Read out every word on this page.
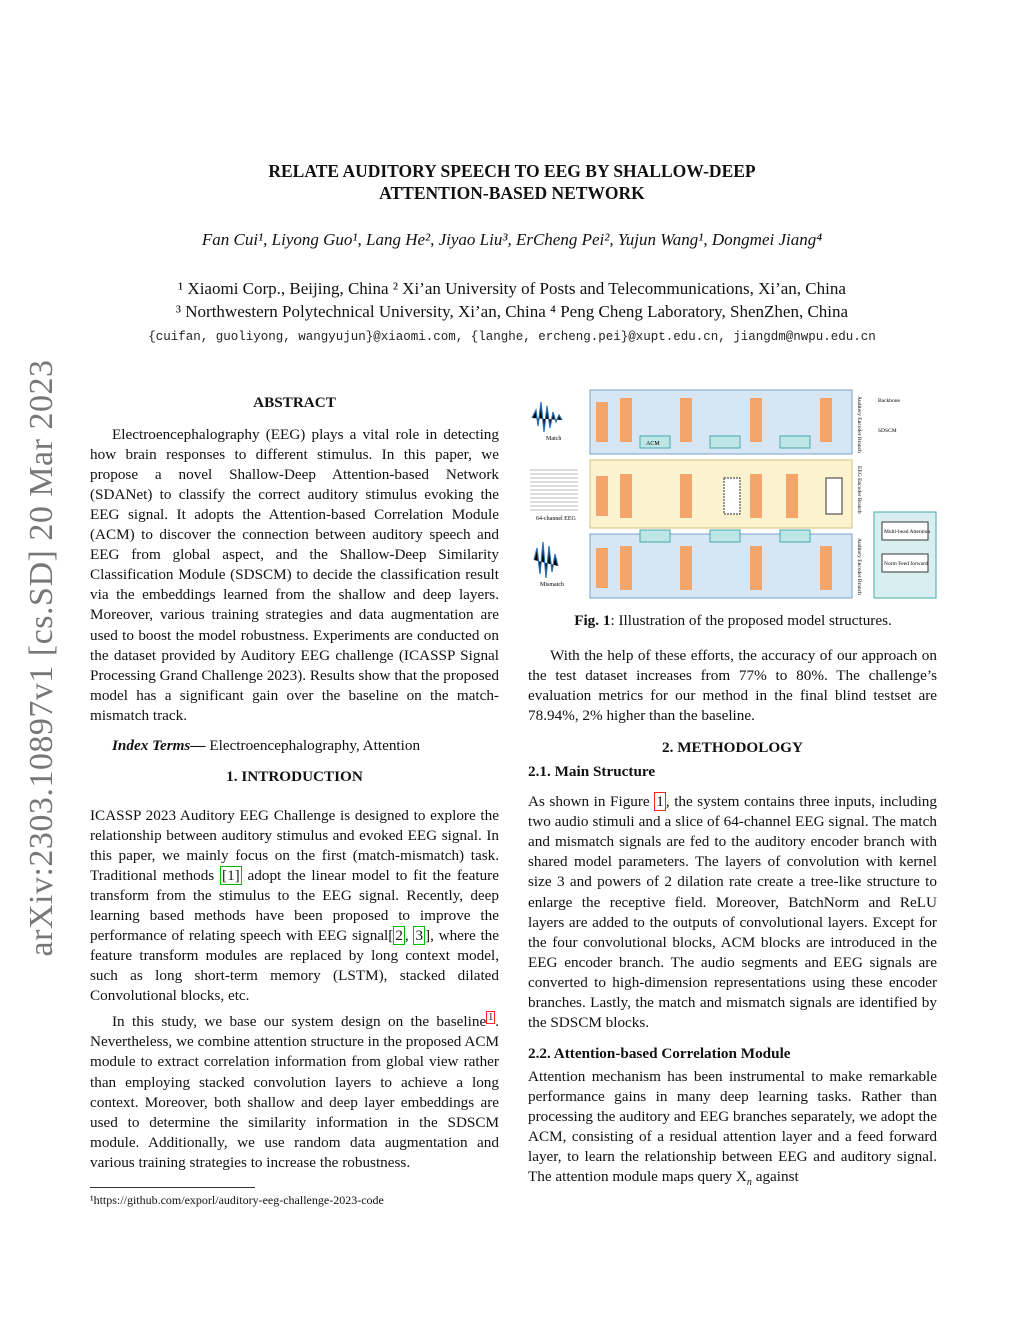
arXiv:2303.10897v1 [cs.SD] 20 Mar 2023
RELATE AUDITORY SPEECH TO EEG BY SHALLOW-DEEP
ATTENTION-BASED NETWORK
Fan Cui¹, Liyong Guo¹, Lang He², Jiyao Liu³, ErCheng Pei², Yujun Wang¹, Dongmei Jiang⁴
¹ Xiaomi Corp., Beijing, China ² Xi’an University of Posts and Telecommunications, Xi’an, China
³ Northwestern Polytechnical University, Xi’an, China ⁴ Peng Cheng Laboratory, ShenZhen, China
{cuifan, guoliyong, wangyujun}@xiaomi.com, {langhe, ercheng.pei}@xupt.edu.cn, jiangdm@nwpu.edu.cn

ABSTRACT

Electroencephalography (EEG) plays a vital role in detecting how brain responses to different stimulus. In this paper, we propose a novel Shallow-Deep Attention-based Network (SDANet) to classify the correct auditory stimulus evoking the EEG signal. It adopts the Attention-based Correlation Module (ACM) to discover the connection between auditory speech and EEG from global aspect, and the Shallow-Deep Similarity Classification Module (SDSCM) to decide the classification result via the embeddings learned from the shallow and deep layers. Moreover, various training strategies and data augmentation are used to boost the model robustness. Experiments are conducted on the dataset provided by Auditory EEG challenge (ICASSP Signal Processing Grand Challenge 2023). Results show that the proposed model has a significant gain over the baseline on the match-mismatch track.

Index Terms— Electroencephalography, Attention

1. INTRODUCTION

ICASSP 2023 Auditory EEG Challenge is designed to explore the relationship between auditory stimulus and evoked EEG signal. In this paper, we mainly focus on the first (match-mismatch) task. Traditional methods [1] adopt the linear model to fit the feature transform from the stimulus to the EEG signal. Recently, deep learning based methods have been proposed to improve the performance of relating speech with EEG signal[ 2 , 3 ], where the feature transform modules are replaced by long context model, such as long short-term memory (LSTM), stacked dilated Convolutional blocks, etc.

In this study, we base our system design on the baseline $^1$ . Nevertheless, we combine attention structure in the proposed ACM module to extract correlation information from global view rather than employing stacked convolution layers to achieve a long context. Moreover, both shallow and deep layer embeddings are used to determine the similarity information in the SDSCM module. Additionally, we use random data augmentation and various training strategies to increase the robustness.

¹https://github.com/exporl/auditory-eeg-challenge-2023-code
Match
64-channel EEG
Mismatch
ACM	Auditory Encoder Branch
EEG Encoder Branch
Auditory Encoder Branch
Backbone
SDSCM
Multi-head Attention
Norm Feed forward
Fig. 1: Illustration of the proposed model structures.

With the help of these efforts, the accuracy of our approach on the test dataset increases from 77% to 80%. The challenge’s evaluation metrics for our method in the final blind testset are 78.94%, 2% higher than the baseline.

2. METHODOLOGY

2.1. Main Structure

As shown in Figure 1 , the system contains three inputs, including two audio stimuli and a slice of 64-channel EEG signal. The match and mismatch signals are fed to the auditory encoder branch with shared model parameters. The layers of convolution with kernel size 3 and powers of 2 dilation rate create a tree-like structure to enlarge the receptive field. Moreover, BatchNorm and ReLU layers are added to the outputs of convolutional layers. Except for the four convolutional blocks, ACM blocks are introduced in the EEG encoder branch. The audio segments and EEG signals are converted to high-dimension representations using these encoder branches. Lastly, the match and mismatch signals are identified by the SDSCM blocks.

2.2. Attention-based Correlation Module

Attention mechanism has been instrumental to make remarkable performance gains in many deep learning tasks. Rather than processing the auditory and EEG branches separately, we adopt the ACM, consisting of a residual attention layer and a feed forward layer, to learn the relationship between EEG and auditory signal. The attention module maps query $X_n$ against
